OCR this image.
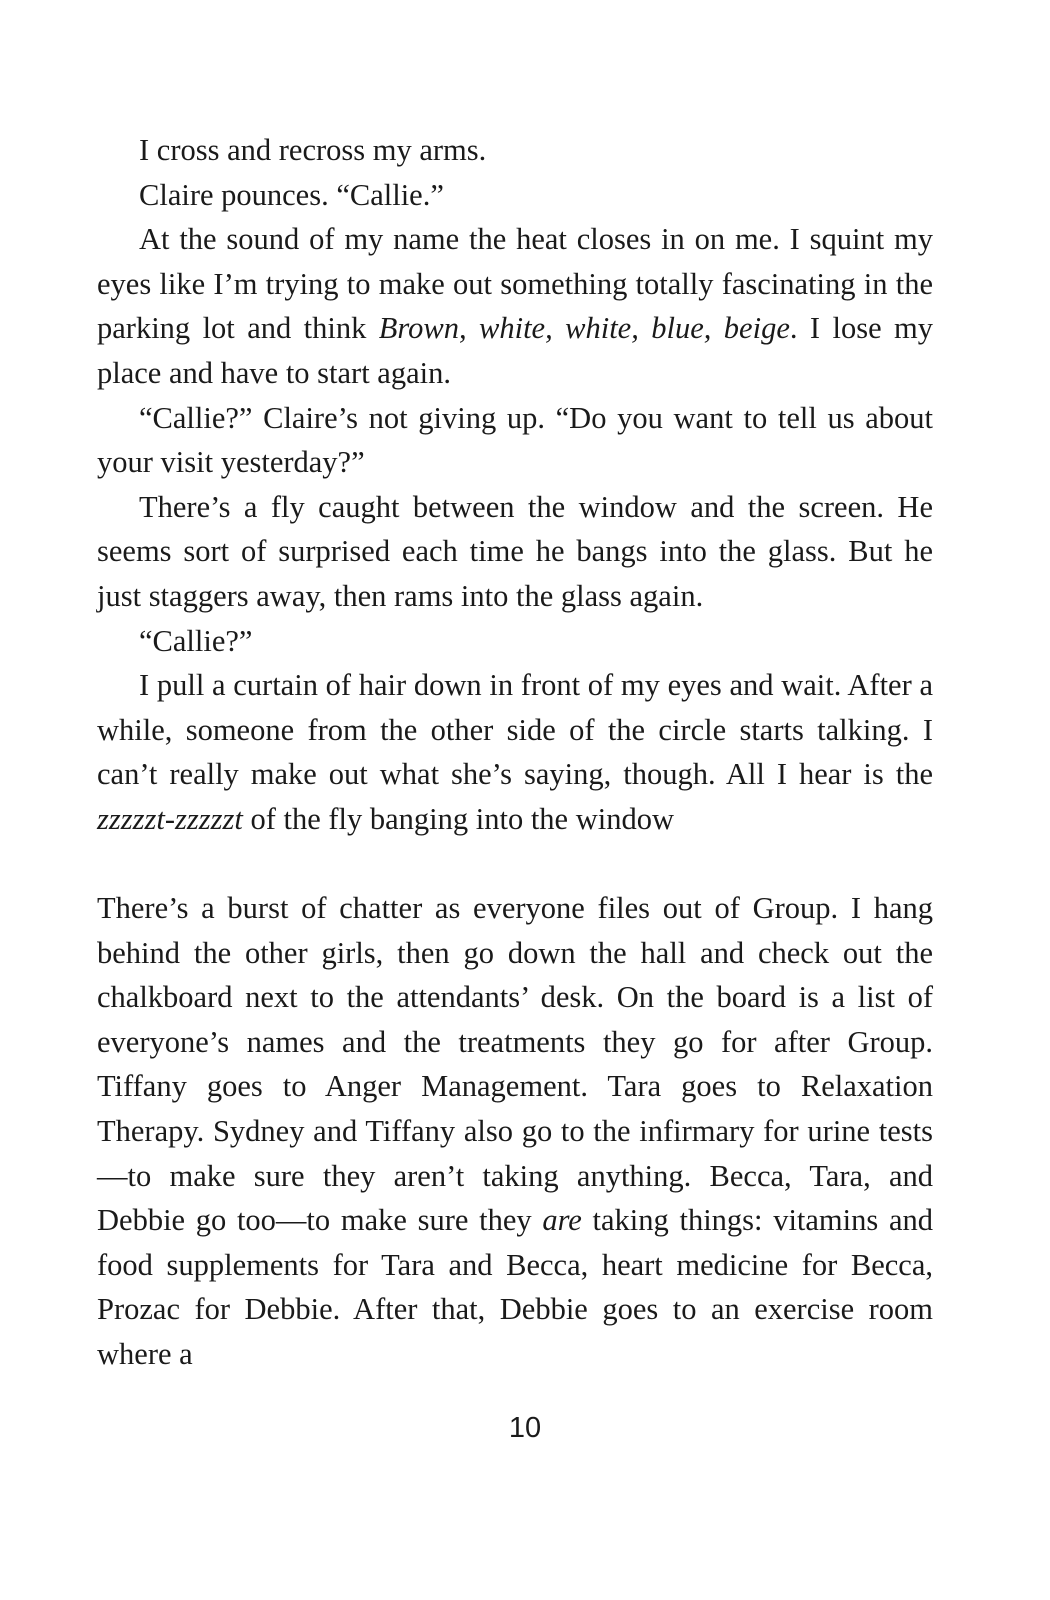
I cross and recross my arms.

Claire pounces. “Callie.”

At the sound of my name the heat closes in on me. I squint my eyes like I’m trying to make out something totally fascinating in the parking lot and think Brown, white, white, blue, beige. I lose my place and have to start again.

“Callie?” Claire’s not giving up. “Do you want to tell us about your visit yesterday?”

There’s a fly caught between the window and the screen. He seems sort of surprised each time he bangs into the glass. But he just staggers away, then rams into the glass again.

“Callie?”

I pull a curtain of hair down in front of my eyes and wait. After a while, someone from the other side of the circle starts talking. I can’t really make out what she’s saying, though. All I hear is the zzzzzt-zzzzzt of the fly banging into the window

There’s a burst of chatter as everyone files out of Group. I hang behind the other girls, then go down the hall and check out the chalkboard next to the attendants’ desk. On the board is a list of everyone’s names and the treatments they go for after Group. Tiffany goes to Anger Management. Tara goes to Relaxation Therapy. Sydney and Tiffany also go to the infirmary for urine tests—to make sure they aren’t taking anything. Becca, Tara, and Debbie go too—to make sure they are taking things: vitamins and food supplements for Tara and Becca, heart medicine for Becca, Prozac for Debbie. After that, Debbie goes to an exercise room where a

10
